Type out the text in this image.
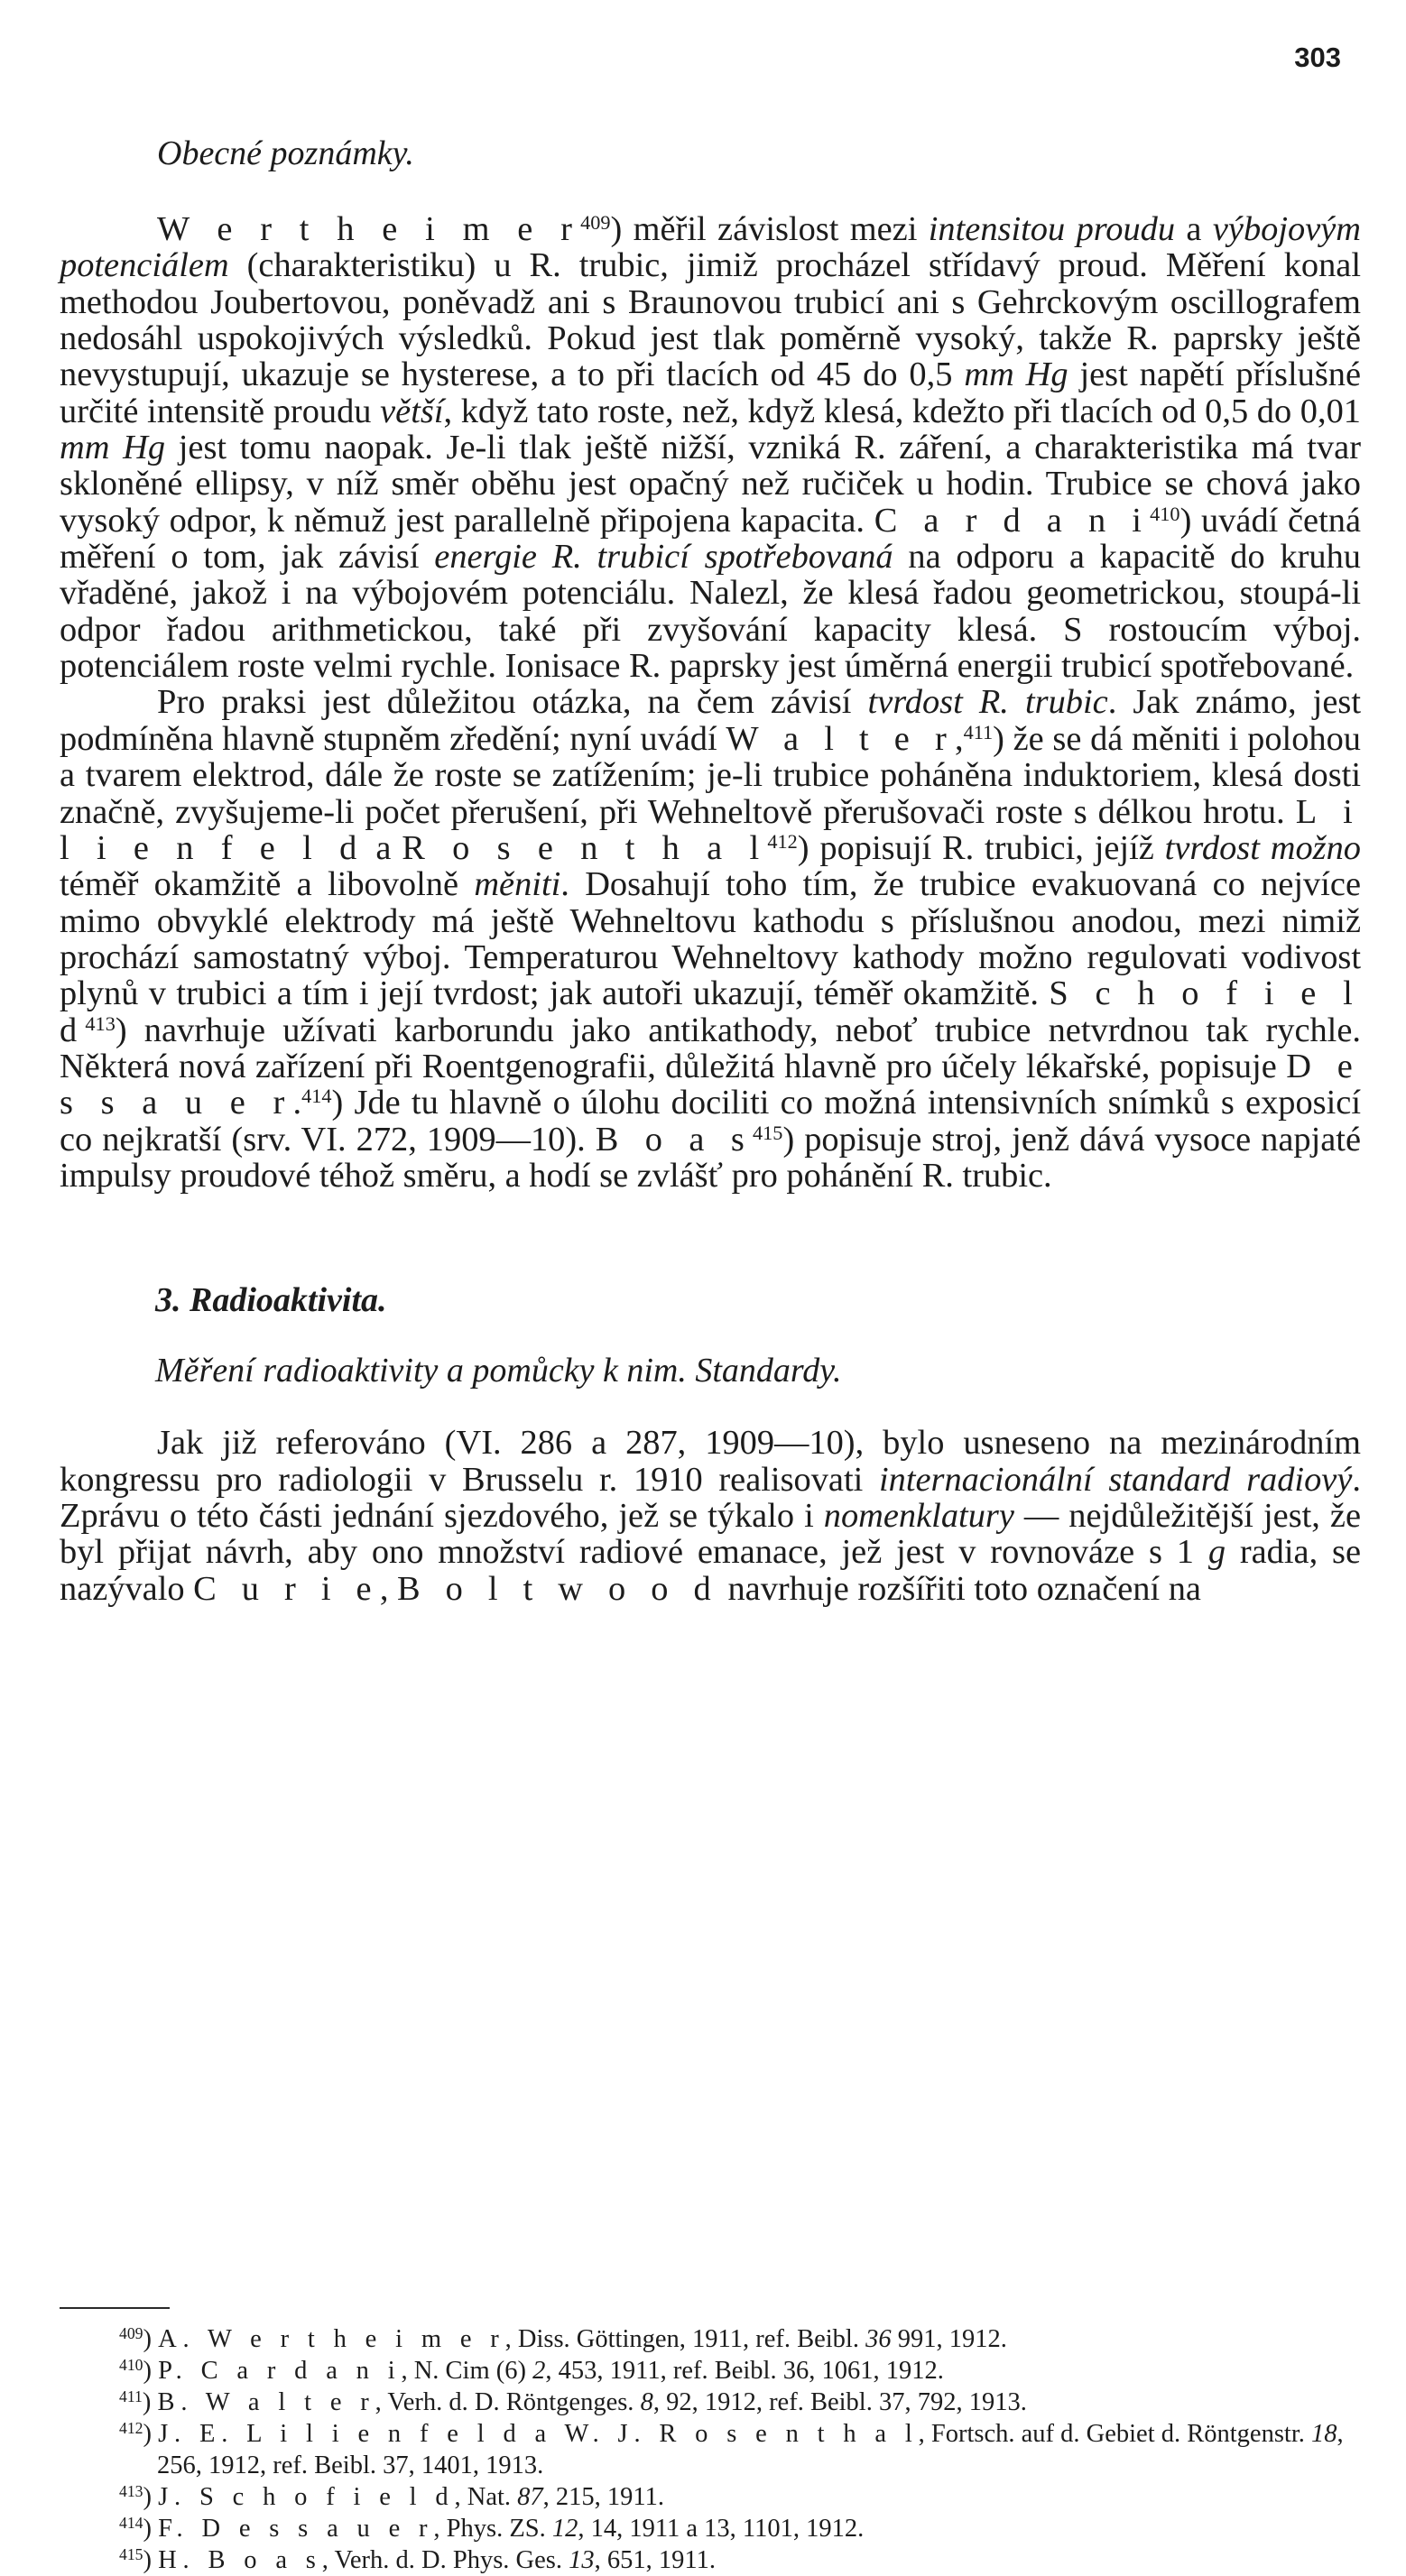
303

Obecné poznámky.

W e r t h e i m e $r^{409}$) měřil závislost mezi intensitou proudu a výbojovým potenciálem (charakteristiku) u R. trubic, jimiž procházel střídavý proud. Měření konal methodou Joubertovou, poněvadž ani s Braunovou trubicí ani s Gehrckovým oscillografem nedosáhl uspokojivých výsledků. Pokud jest tlak poměrně vysoký, takže R. paprsky ještě nevystupují, ukazuje se hysterese, a to při tlacích od 45 do 0,5 mm Hg jest napětí příslušné určité intensitě proudu větší, když tato roste, než, když klesá, kdežto při tlacích od 0,5 do 0,01 mm Hg jest tomu naopak. Je-li tlak ještě nižší, vzniká R. záření, a charakteristika má tvar skloněné ellipsy, v níž směr oběhu jest opačný než ručiček u hodin. Trubice se chová jako vysoký odpor, k němuž jest parallelně připojena kapacita. C a r d a n $i^{410}$) uvádí četná měření o tom, jak závisí energie R. trubicí spotřebovaná na odporu a kapacitě do kruhu vřaděné, jakož i na výbojovém potenciálu. Nalezl, že klesá řadou geometrickou, stoupá-li odpor řadou arithmetickou, také při zvyšování kapacity klesá. S rostoucím výboj. potenciálem roste velmi rychle. Ionisace R. paprsky jest úměrná energii trubicí spotřebované.

Pro praksi jest důležitou otázka, na čem závisí tvrdost R. trubic. Jak známo, jest podmíněna hlavně stupněm zředění; nyní uvádí W a l t e r,$^{411}$) že se dá měniti i polohou a tvarem elektrod, dále že roste se zatížením; je-li trubice poháněna induktoriem, klesá dosti značně, zvyšujeme-li počet přerušení, při Wehneltově přerušovači roste s délkou hrotu. L i l i e n f e l d a R o s e n t h a $l^{412}$) popisují R. trubici, jejíž tvrdost možno téměř okamžitě a libovolně měniti. Dosahují toho tím, že trubice evakuovaná co nejvíce mimo obvyklé elektrody má ještě Wehneltovu kathodu s příslušnou anodou, mezi nimiž prochází samostatný výboj. Temperaturou Wehneltovy kathody možno regulovati vodivost plynů v trubici a tím i její tvrdost; jak autoři ukazují, téměř okamžitě. S c h o f i e l $d^{413}$) navrhuje užívati karborundu jako antikathody, neboť trubice netvrdnou tak rychle. Některá nová zařízení při Roentgenografii, důležitá hlavně pro účely lékařské, popisuje D e s s a u e r.$^{414}$) Jde tu hlavně o úlohu dociliti co možná intensivních snímků s exposicí co nejkratší (srv. VI. 272, 1909—10). B o a $s^{415}$) popisuje stroj, jenž dává vysoce napjaté impulsy proudové téhož směru, a hodí se zvlášť pro pohánění R. trubic.

3. Radioaktivita.

Měření radioaktivity a pomůcky k nim. Standardy.

Jak již referováno (VI. 286 a 287, 1909—10), bylo usneseno na mezinárodním kongressu pro radiologii v Brusselu r. 1910 realisovati internacionální standard radiový. Zprávu o této části jednání sjezdového, jež se týkalo i nomenklatury — nejdůležitější jest, že byl přijat návrh, aby ono množství radiové emanace, jež jest v rovnováze s 1 g radia, se nazývalo C u r i e, B o l t w o o d navrhuje rozšířiti toto označení na

$^{409}$) A. W e r t h e i m e r, Diss. Göttingen, 1911, ref. Beibl. 36 991, 1912.

$^{410}$) P. C a r d a n i, N. Cim (6) 2, 453, 1911, ref. Beibl. 36, 1061, 1912.

$^{411}$) B. W a l t e r, Verh. d. D. Röntgenges. 8, 92, 1912, ref. Beibl. 37, 792, 1913.

$^{412}$) J. E. L i l i e n f e l d a W. J. R o s e n t h a l, Fortsch. auf d. Gebiet d. Röntgenstr. 18, 256, 1912, ref. Beibl. 37, 1401, 1913.

$^{413}$) J. S c h o f i e l d, Nat. 87, 215, 1911.

$^{414}$) F. D e s s a u e r, Phys. ZS. 12, 14, 1911 a 13, 1101, 1912.

$^{415}$) H. B o a s, Verh. d. D. Phys. Ges. 13, 651, 1911.
